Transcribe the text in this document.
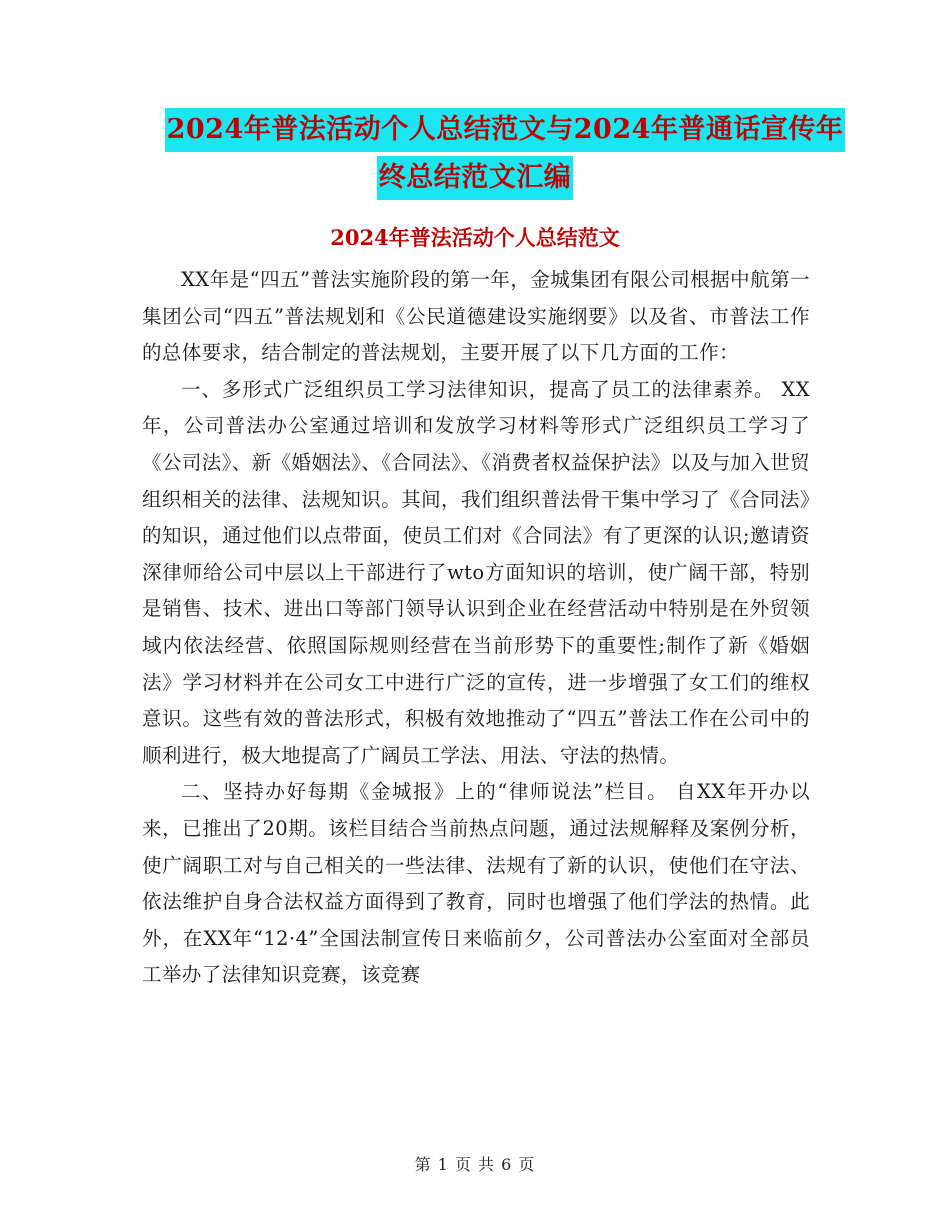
2024年普法活动个人总结范文与2024年普通话宣传年
终总结范文汇编
2024年普法活动个人总结范文

XX年是“四五”普法实施阶段的第一年，金城集团有限公司根据中航第一集团公司“四五”普法规划和《公民道德建设实施纲要》以及省、市普法工作的总体要求，结合制定的普法规划，主要开展了以下几方面的工作：

一、多形式广泛组织员工学习法律知识，提高了员工的法律素养。 XX年，公司普法办公室通过培训和发放学习材料等形式广泛组织员工学习了《公司法》、新《婚姻法》、《合同法》、《消费者权益保护法》以及与加入世贸组织相关的法律、法规知识。其间，我们组织普法骨干集中学习了《合同法》的知识，通过他们以点带面，使员工们对《合同法》有了更深的认识;邀请资深律师给公司中层以上干部进行了wto方面知识的培训，使广阔干部，特别是销售、技术、进出口等部门领导认识到企业在经营活动中特别是在外贸领域内依法经营、依照国际规则经营在当前形势下的重要性;制作了新《婚姻法》学习材料并在公司女工中进行广泛的宣传，进一步增强了女工们的维权意识。这些有效的普法形式，积极有效地推动了“四五”普法工作在公司中的顺利进行，极大地提高了广阔员工学法、用法、守法的热情。

二、坚持办好每期《金城报》上的“律师说法”栏目。 自XX年开办以来，已推出了20期。该栏目结合当前热点问题，通过法规解释及案例分析，使广阔职工对与自己相关的一些法律、法规有了新的认识，使他们在守法、依法维护自身合法权益方面得到了教育，同时也增强了他们学法的热情。此外，在XX年“12·4”全国法制宣传日来临前夕，公司普法办公室面对全部员工举办了法律知识竞赛，该竞赛

第 1 页 共 6 页
